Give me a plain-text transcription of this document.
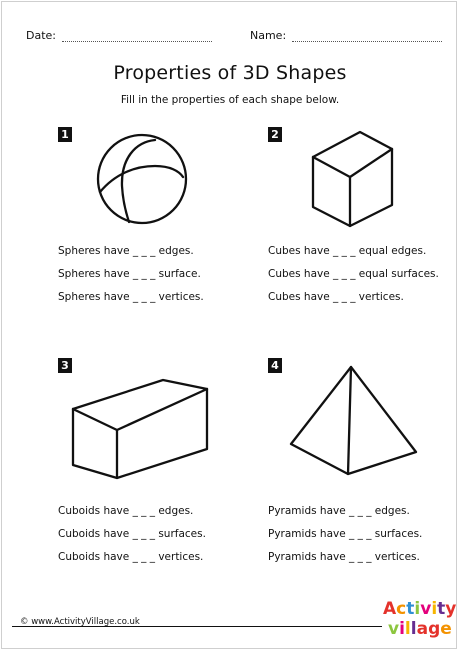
Date:	Name:
Properties of 3D Shapes
Fill in the properties of each shape below.
1	2
3	4
Spheres have _ _ _ edges.
Spheres have _ _ _ surface.
Spheres have _ _ _ vertices.
Cubes have _ _ _ equal edges.
Cubes have _ _ _ equal surfaces.
Cubes have _ _ _ vertices.
Cuboids have _ _ _ edges.
Cuboids have _ _ _ surfaces.
Cuboids have _ _ _ vertices.
Pyramids have _ _ _ edges.
Pyramids have _ _ _ surfaces.
Pyramids have _ _ _ vertices.
© www.ActivityVillage.co.uk
Activity
village
